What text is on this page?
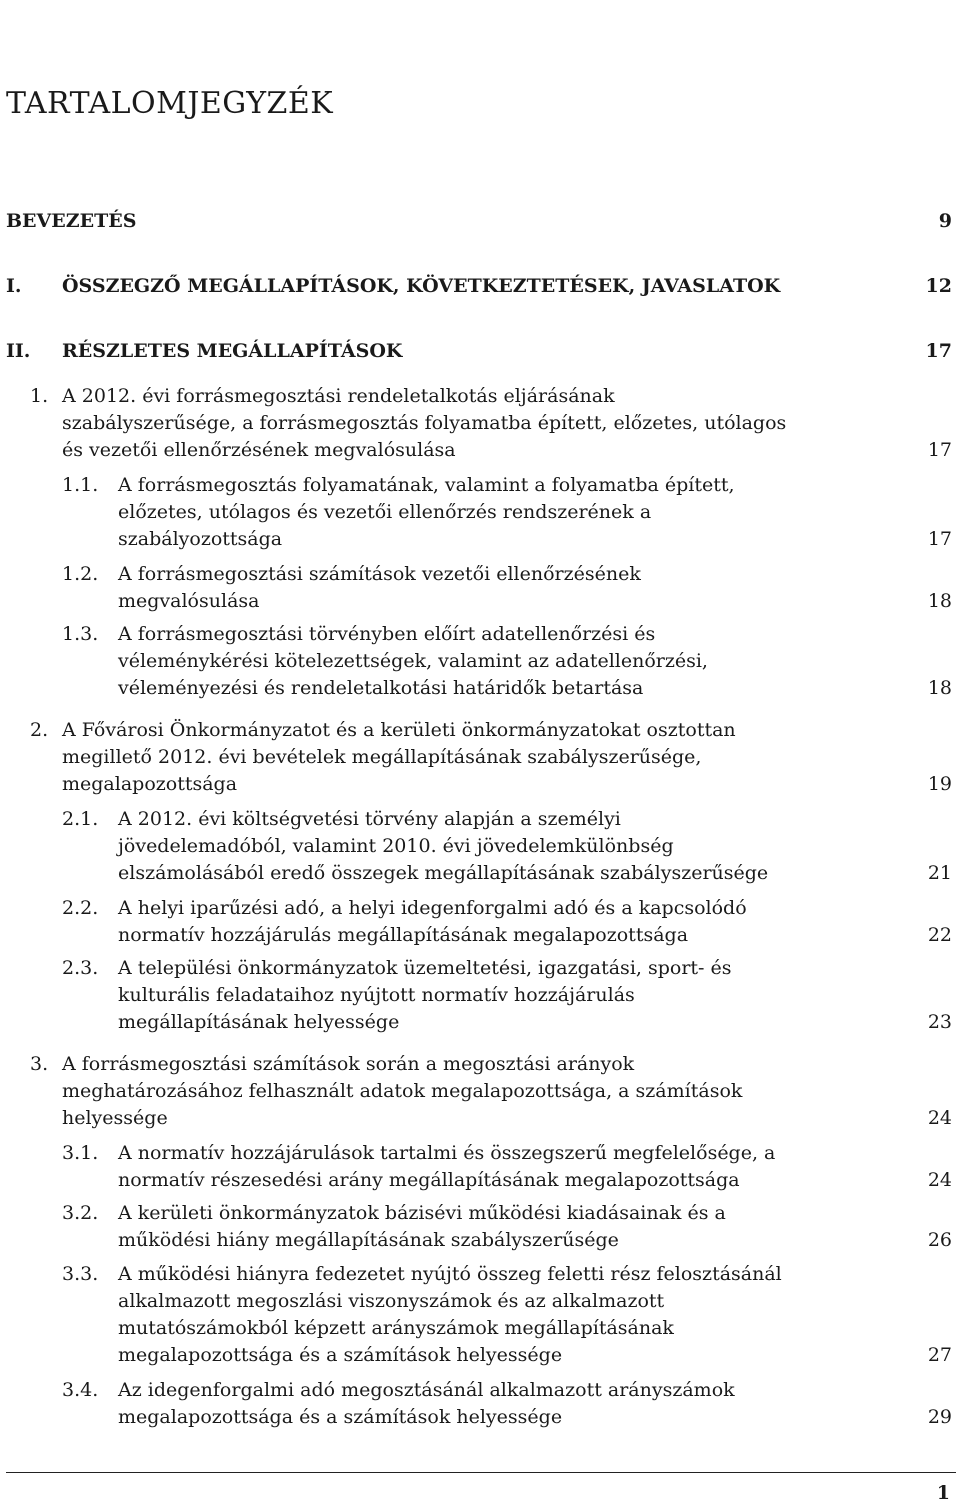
TARTALOMJEGYZÉK
BEVEZETÉS	9
I. ÖSSZEGZŐ MEGÁLLAPÍTÁSOK, KÖVETKEZTETÉSEK, JAVASLATOK	12
II. RÉSZLETES MEGÁLLAPÍTÁSOK	17
1. A 2012. évi forrásmegosztási rendeletalkotás eljárásának
szabályszerűsége, a forrásmegosztás folyamatba épített, előzetes, utólagos
és vezetői ellenőrzésének megvalósulása	17
1.1. A forrásmegosztás folyamatának, valamint a folyamatba épített,
előzetes, utólagos és vezetői ellenőrzés rendszerének a
szabályozottsága	17
1.2. A forrásmegosztási számítások vezetői ellenőrzésének
megvalósulása	18
1.3. A forrásmegosztási törvényben előírt adatellenőrzési és
véleménykérési kötelezettségek, valamint az adatellenőrzési,
véleményezési és rendeletalkotási határidők betartása	18
2. A Fővárosi Önkormányzatot és a kerületi önkormányzatokat osztottan
megillető 2012. évi bevételek megállapításának szabályszerűsége,
megalapozottsága	19
2.1. A 2012. évi költségvetési törvény alapján a személyi
jövedelemadóból, valamint 2010. évi jövedelemkülönbség
elszámolásából eredő összegek megállapításának szabályszerűsége	21
2.2. A helyi iparűzési adó, a helyi idegenforgalmi adó és a kapcsolódó
normatív hozzájárulás megállapításának megalapozottsága	22
2.3. A települési önkormányzatok üzemeltetési, igazgatási, sport- és
kulturális feladataihoz nyújtott normatív hozzájárulás
megállapításának helyessége	23
3. A forrásmegosztási számítások során a megosztási arányok
meghatározásához felhasznált adatok megalapozottsága, a számítások
helyessége	24
3.1. A normatív hozzájárulások tartalmi és összegszerű megfelelősége, a
normatív részesedési arány megállapításának megalapozottsága	24
3.2. A kerületi önkormányzatok bázisévi működési kiadásainak és a
működési hiány megállapításának szabályszerűsége	26
3.3. A működési hiányra fedezetet nyújtó összeg feletti rész felosztásánál
alkalmazott megoszlási viszonyszámok és az alkalmazott
mutatószámokból képzett arányszámok megállapításának
megalapozottsága és a számítások helyessége	27
3.4. Az idegenforgalmi adó megosztásánál alkalmazott arányszámok
megalapozottsága és a számítások helyessége	29
1
